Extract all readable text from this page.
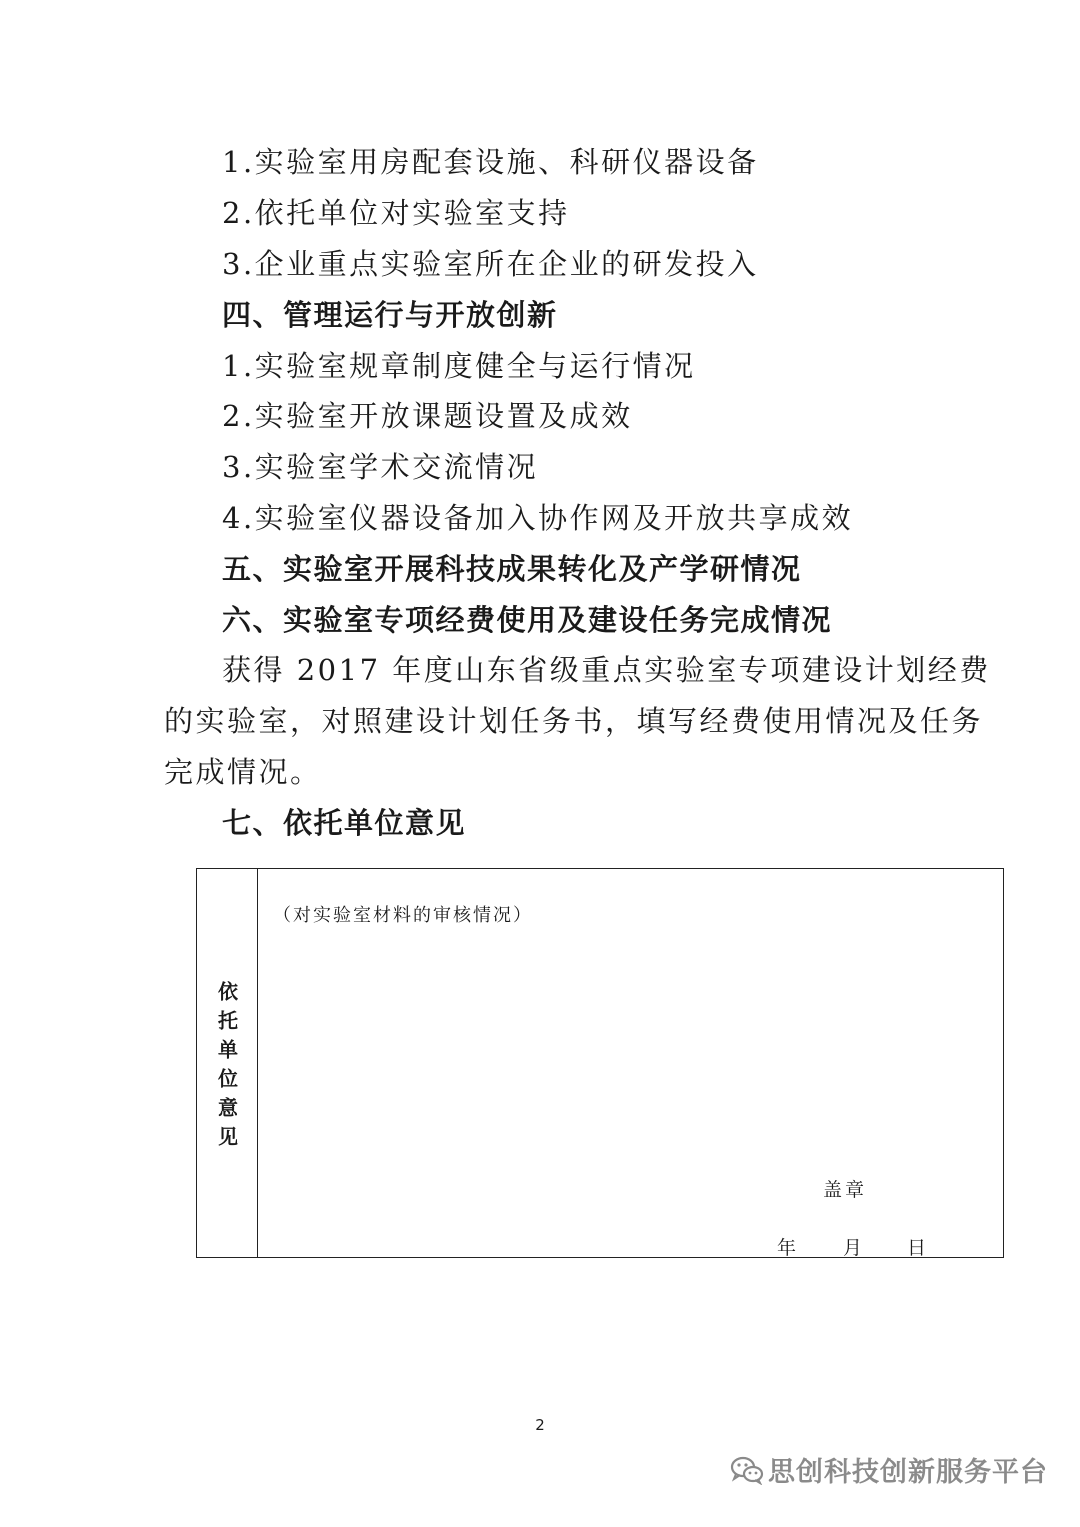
1.实验室用房配套设施、科研仪器设备
2.依托单位对实验室支持
3.企业重点实验室所在企业的研发投入
四、管理运行与开放创新
1.实验室规章制度健全与运行情况
2.实验室开放课题设置及成效
3.实验室学术交流情况
4.实验室仪器设备加入协作网及开放共享成效
五、实验室开展科技成果转化及产学研情况
六、实验室专项经费使用及建设任务完成情况
获得 2017 年度山东省级重点实验室专项建设计划经费
的实验室，对照建设计划任务书，填写经费使用情况及任务
完成情况。
七、依托单位意见
依托单位意见
（对实验室材料的审核情况）
盖章
年 月 日
2
思创科技创新服务平台
